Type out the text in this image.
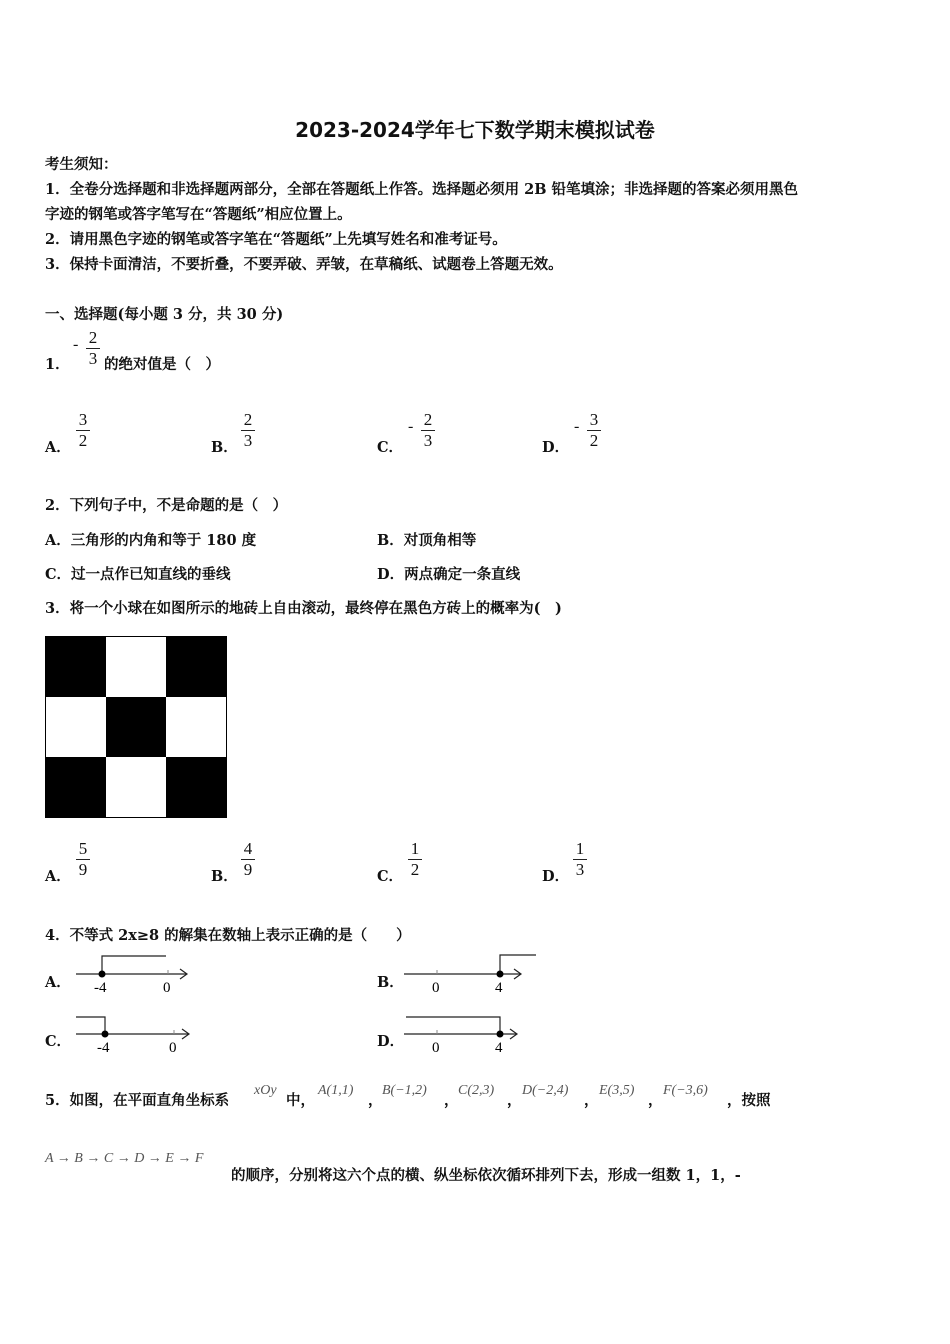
2023-2024学年七下数学期末模拟试卷
考生须知：
1．全卷分选择题和非选择题两部分，全部在答题纸上作答。选择题必须用 2B 铅笔填涂；非选择题的答案必须用黑色
字迹的钢笔或答字笔写在“答题纸”相应位置上。
2．请用黑色字迹的钢笔或答字笔在“答题纸”上先填写姓名和准考证号。
3．保持卡面清洁，不要折叠，不要弄破、弄皱，在草稿纸、试题卷上答题无效。
一、选择题(每小题 3 分，共 30 分)
1．
- 2
3 的绝对值是（　）
A．
3
2	B．
2
3	C．
- 2
3	D．
- 3
2
2．下列句子中，不是命题的是（　）
A．三角形的内角和等于 180 度	B．对顶角相等
C．过一点作已知直线的垂线	D．两点确定一条直线
3．将一个小球在如图所示的地砖上自由滚动，最终停在黑色方砖上的概率为(　)
A．
5
9	B．
4
9	C．
1
2	D．
1
3
4．不等式 2x≥8 的解集在数轴上表示正确的是（　　）
A． -4	0	B． 0	4
C． -4	0	D． 0	4
5．如图，在平面直角坐标系
xOy
中，
A(1,1)
，
B(−1,2)
，
C(2,3)
，
D(−2,4)
，
E(3,5)
，
F(−3,6)
，按照
A → B → C → D → E → F
的顺序，分别将这六个点的横、纵坐标依次循环排列下去，形成一组数 1，1，-
